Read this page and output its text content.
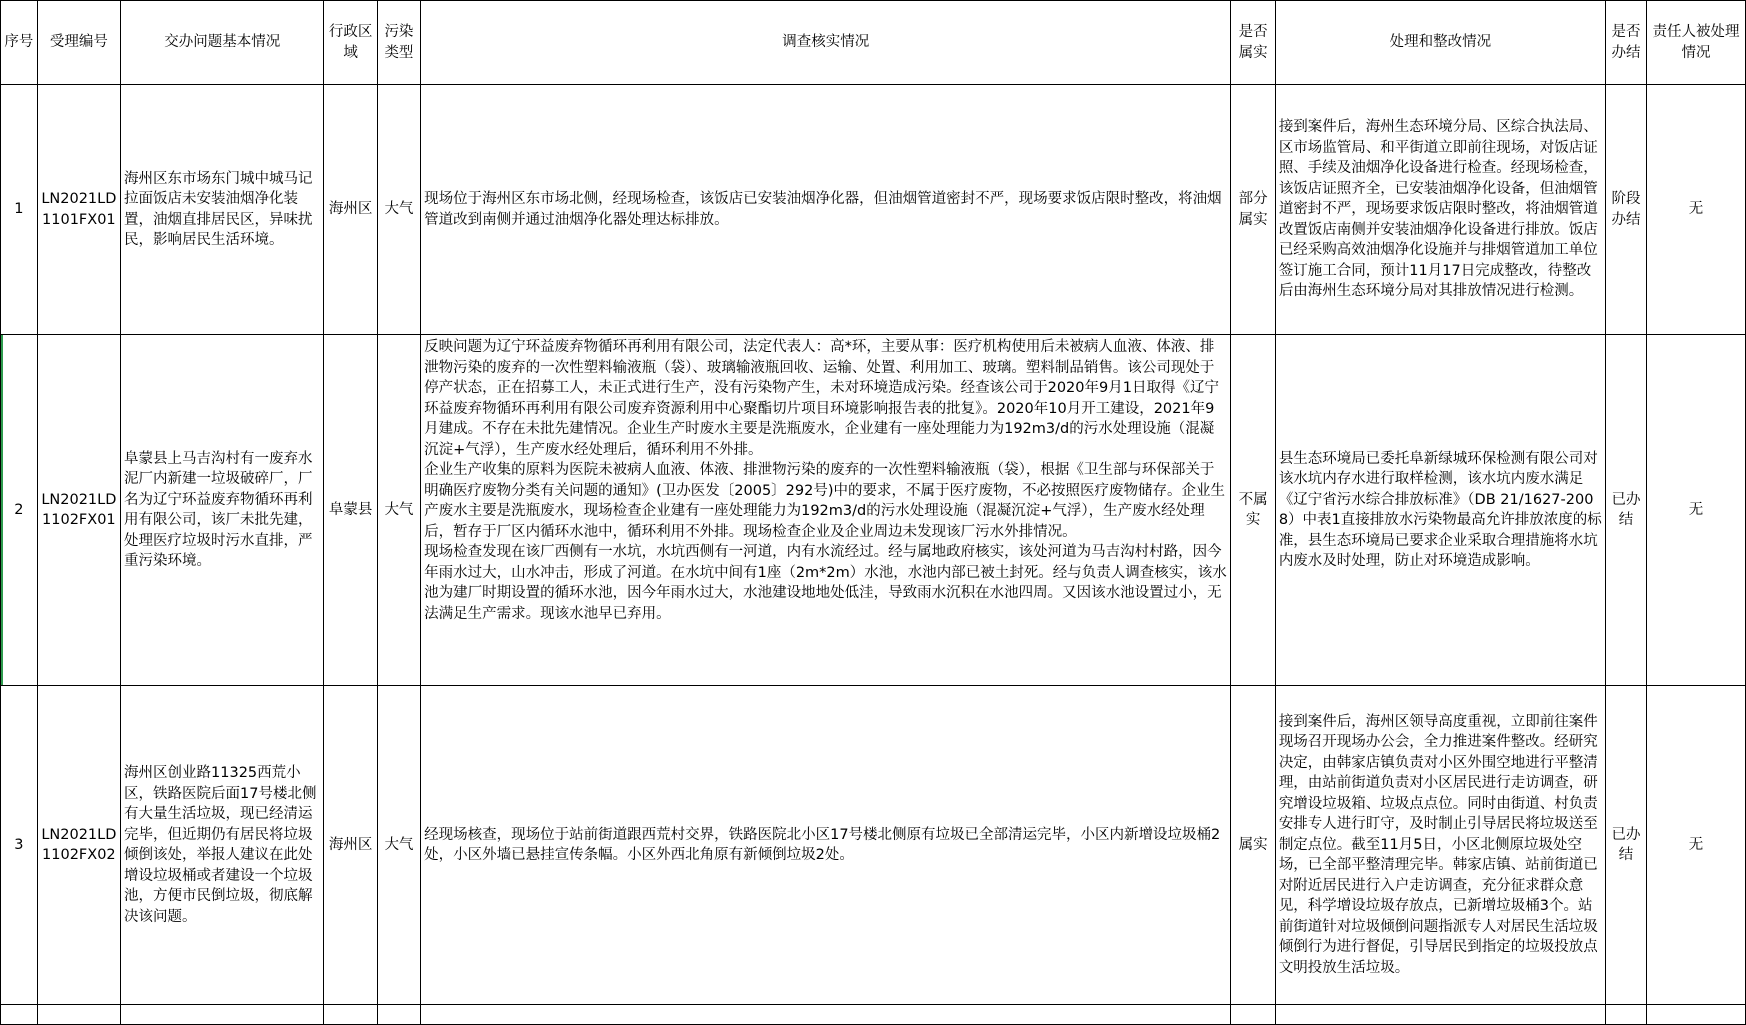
序号	受理编号	交办问题基本情况	行政区域	污染类型	调查核实情况	是否属实	处理和整改情况	是否办结	责任人被处理情况
1	LN2021LD1101FX01	海州区东市场东门城中城马记拉面饭店未安装油烟净化装置，油烟直排居民区，异味扰民，影响居民生活环境。	海州区	大气	现场位于海州区东市场北侧，经现场检查，该饭店已安装油烟净化器，但油烟管道密封不严，现场要求饭店限时整改，将油烟管道改到南侧并通过油烟净化器处理达标排放。	部分属实	接到案件后，海州生态环境分局、区综合执法局、区市场监管局、和平街道立即前往现场，对饭店证照、手续及油烟净化设备进行检查。经现场检查，该饭店证照齐全，已安装油烟净化设备，但油烟管道密封不严，现场要求饭店限时整改，将油烟管道改置饭店南侧并安装油烟净化设备进行排放。饭店已经采购高效油烟净化设施并与排烟管道加工单位签订施工合同，预计11月17日完成整改，待整改后由海州生态环境分局对其排放情况进行检测。	阶段办结	无
2	LN2021LD1102FX01	阜蒙县上马吉沟村有一废弃水泥厂内新建一垃圾破碎厂，厂名为辽宁环益废弃物循环再利用有限公司，该厂未批先建，处理医疗垃圾时污水直排，严重污染环境。	阜蒙县	大气	反映问题为辽宁环益废弃物循环再利用有限公司，法定代表人：高*环，主要从事：医疗机构使用后未被病人血液、体液、排泄物污染的废弃的一次性塑料输液瓶（袋）、玻璃输液瓶回收、运输、处置、利用加工、玻璃。塑料制品销售。该公司现处于停产状态，正在招募工人，未正式进行生产，没有污染物产生，未对环境造成污染。经查该公司于2020年9月1日取得《辽宁环益废弃物循环再利用有限公司废弃资源利用中心聚酯切片项目环境影响报告表的批复》。2020年10月开工建设，2021年9月建成。不存在未批先建情况。企业生产时废水主要是洗瓶废水，企业建有一座处理能力为192m3/d的污水处理设施（混凝沉淀+气浮），生产废水经处理后，循环利用不外排。
企业生产收集的原料为医院未被病人血液、体液、排泄物污染的废弃的一次性塑料输液瓶（袋），根据《卫生部与环保部关于明确医疗废物分类有关问题的通知》(卫办医发〔2005〕292号)中的要求，不属于医疗废物，不必按照医疗废物储存。企业生产废水主要是洗瓶废水，现场检查企业建有一座处理能力为192m3/d的污水处理设施（混凝沉淀+气浮），生产废水经处理后，暂存于厂区内循环水池中，循环利用不外排。现场检查企业及企业周边未发现该厂污水外排情况。
现场检查发现在该厂西侧有一水坑，水坑西侧有一河道，内有水流经过。经与属地政府核实，该处河道为马吉沟村村路，因今年雨水过大，山水冲击，形成了河道。在水坑中间有1座（2m*2m）水池，水池内部已被土封死。经与负责人调查核实，该水池为建厂时期设置的循环水池，因今年雨水过大，水池建设地地处低洼，导致雨水沉积在水池四周。又因该水池设置过小，无法满足生产需求。现该水池早已弃用。	不属实	县生态环境局已委托阜新绿城环保检测有限公司对该水坑内存水进行取样检测，该水坑内废水满足《辽宁省污水综合排放标准》（DB 21/1627-2008）中表1直接排放水污染物最高允许排放浓度的标准，县生态环境局已要求企业采取合理措施将水坑内废水及时处理，防止对环境造成影响。	已办结	无
3	LN2021LD1102FX02	海州区创业路11325西荒小区，铁路医院后面17号楼北侧有大量生活垃圾，现已经清运完毕，但近期仍有居民将垃圾倾倒该处，举报人建议在此处增设垃圾桶或者建设一个垃圾池，方便市民倒垃圾，彻底解决该问题。	海州区	大气	经现场核查，现场位于站前街道跟西荒村交界，铁路医院北小区17号楼北侧原有垃圾已全部清运完毕，小区内新增设垃圾桶2处，小区外墙已悬挂宣传条幅。小区外西北角原有新倾倒垃圾2处。	属实	接到案件后，海州区领导高度重视，立即前往案件现场召开现场办公会，全力推进案件整改。经研究决定，由韩家店镇负责对小区外围空地进行平整清理，由站前街道负责对小区居民进行走访调查，研究增设垃圾箱、垃圾点点位。同时由街道、村负责安排专人进行盯守，及时制止引导居民将垃圾送至制定点位。截至11月5日，小区北侧原垃圾处空场，已全部平整清理完毕。韩家店镇、站前街道已对附近居民进行入户走访调查，充分征求群众意见，科学增设垃圾存放点，已新增垃圾桶3个。站前街道针对垃圾倾倒问题指派专人对居民生活垃圾倾倒行为进行督促，引导居民到指定的垃圾投放点文明投放生活垃圾。	已办结	无
